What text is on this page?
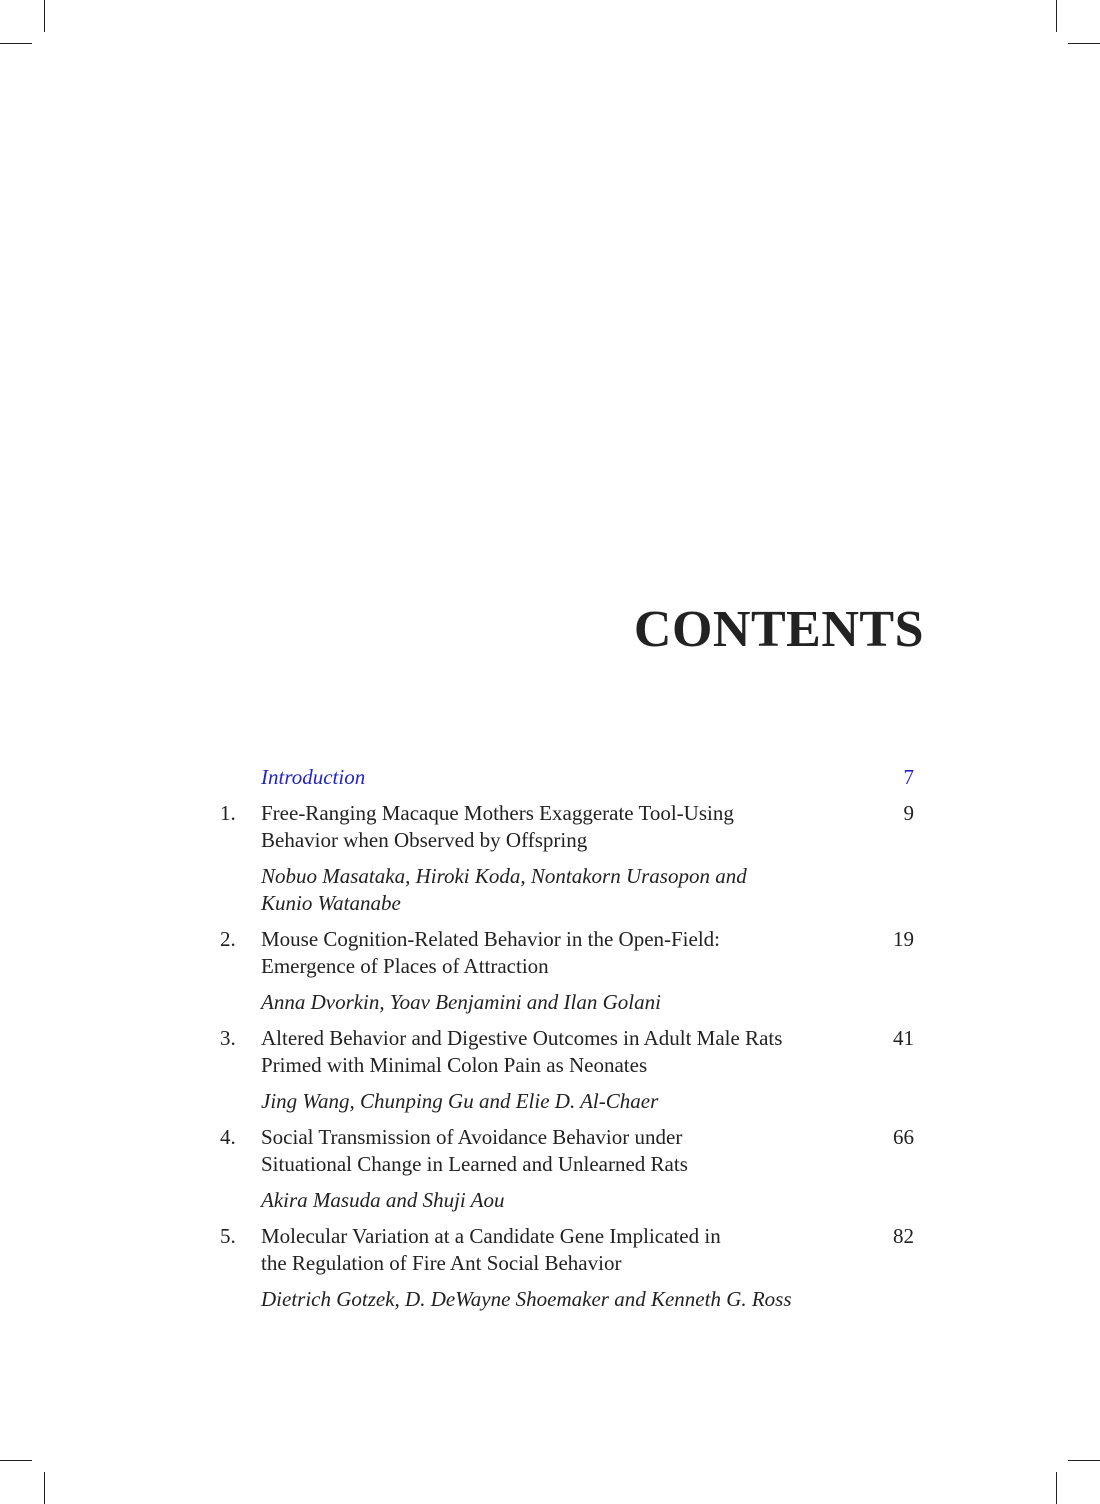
CONTENTS
Introduction	7
1.	Free-Ranging Macaque Mothers Exaggerate Tool-Using
Behavior when Observed by Offspring
9
Nobuo Masataka, Hiroki Koda, Nontakorn Urasopon and
Kunio Watanabe
2.	Mouse Cognition-Related Behavior in the Open-Field:
Emergence of Places of Attraction
19
Anna Dvorkin, Yoav Benjamini and Ilan Golani
3.	Altered Behavior and Digestive Outcomes in Adult Male Rats
Primed with Minimal Colon Pain as Neonates
41
Jing Wang, Chunping Gu and Elie D. Al-Chaer
4.	Social Transmission of Avoidance Behavior under
Situational Change in Learned and Unlearned Rats
66
Akira Masuda and Shuji Aou
5.	Molecular Variation at a Candidate Gene Implicated in
the Regulation of Fire Ant Social Behavior
82
Dietrich Gotzek, D. DeWayne Shoemaker and Kenneth G. Ross
